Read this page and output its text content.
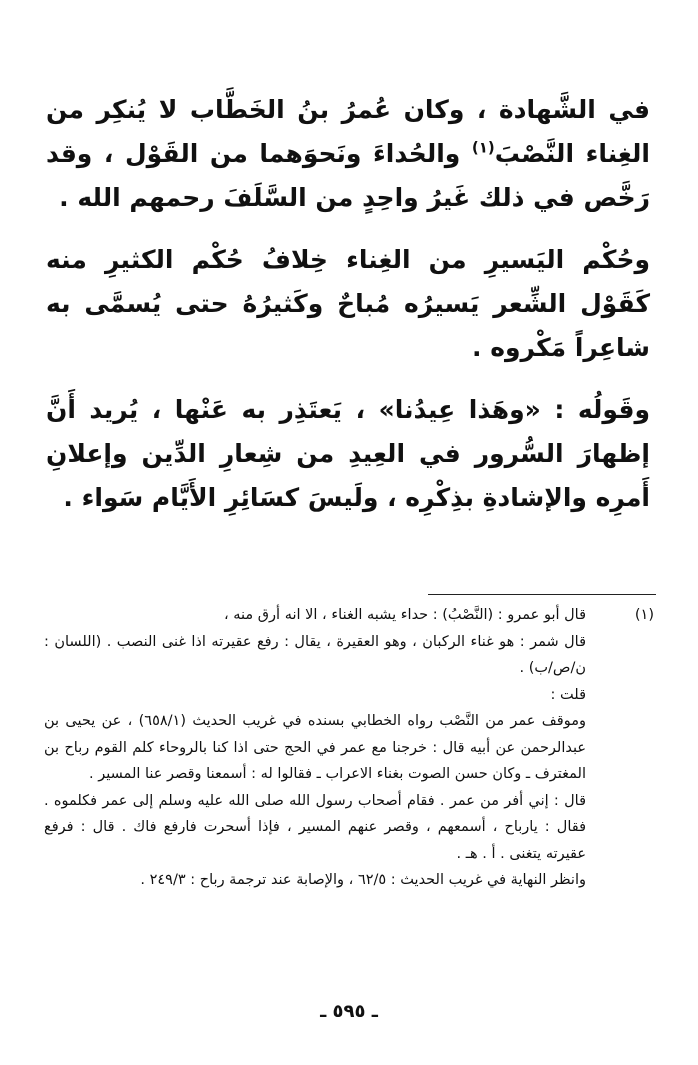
في الشَّهادة ، وكان عُمرُ بنُ الخَطَّاب لا يُنكِر من الغِناء النَّصْبَ$^{(١)}$ والحُداءَ ونَحوَهما من القَوْل ، وقد رَخَّص في ذلك غَيرُ واحِدٍ من السَّلَفَ رحمهم الله .

وحُكْم اليَسيرِ من الغِناء خِلافُ حُكْم الكثيرِ منه كَقَوْل الشِّعر يَسيرُه مُباحٌ وكَثيرُهُ حتى يُسمَّى به شاعِراً مَكْروه .

وقَولُه : «وهَذا عِيدُنا» ، يَعتَذِر به عَنْها ، يُريد أَنَّ إظهارَ السُّرور في العِيدِ من شِعارِ الدِّين وإعلانِ أَمرِه والإشادةِ بذِكْرِه ، ولَيسَ كسَائِرِ الأَيَّام سَواء .

(١)
قال أبو عمرو : (النَّصْبُ) : حداء يشبه الغناء ، الا انه أرق منه ،
قال شمر : هو غناء الركبان ، وهو العقيرة ، يقال : رفع عقيرته اذا غنى النصب . (اللسان : ن/ص/ب) .
قلت :
وموقف عمر من النَّصْب رواه الخطابي بسنده في غريب الحديث (٦٥٨/١) ، عن يحيى بن عبدالرحمن عن أبيه قال : خرجنا مع عمر في الحج حتى اذا كنا بالروحاء كلم القوم رباح بن المغترف ـ وكان حسن الصوت بغناء الاعراب ـ فقالوا له : أسمعنا وقصر عنا المسير .
قال : إني أفر من عمر . فقام أصحاب رسول الله صلى الله عليه وسلم إلى عمر فكلموه . فقال : يارباح ، أسمعهم ، وقصر عنهم المسير ، فإذا أسحرت فارفع فاك . قال : فرفع عقيرته يتغنى . أ . هـ .
وانظر النهاية في غريب الحديث : ٦٢/٥ ، والإصابة عند ترجمة رباح : ٢٤٩/٣ .
ـ ٥٩٥ ـ
